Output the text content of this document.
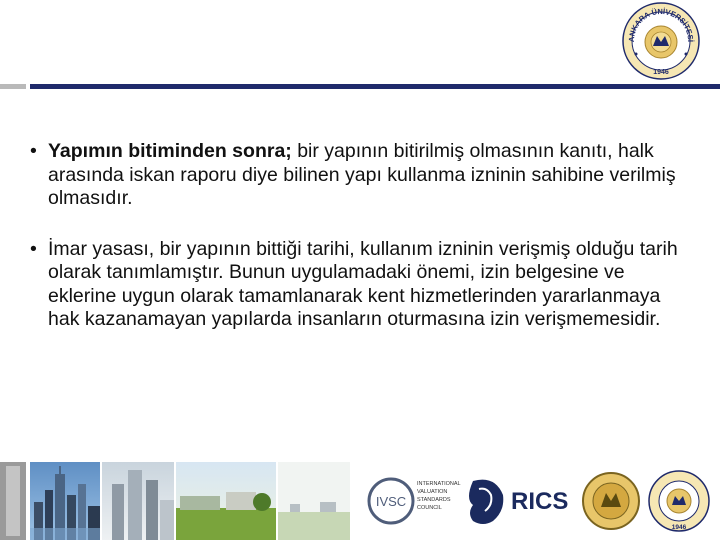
ANKARA ÜNİVERSİTESİ
1946
• Yapımın bitiminden sonra; bir yapının bitirilmiş olmasının kanıtı, halk arasında iskan raporu diye bilinen yapı kullanma izninin sahibine verilmiş olmasıdır.
• İmar yasası, bir yapının bittiği tarihi, kullanım izninin verişmiş olduğu tarih olarak tanımlamıştır. Bunun uygulamadaki önemi, izin belgesine ve eklerine uygun olarak tamamlanarak kent hizmetlerinden yararlanmaya hak kazanamayan yapılarda insanların oturmasına izin verişmemesidir.
IVSC
INTERNATIONAL
VALUATION
STANDARDS
COUNCIL	RICS
1946
